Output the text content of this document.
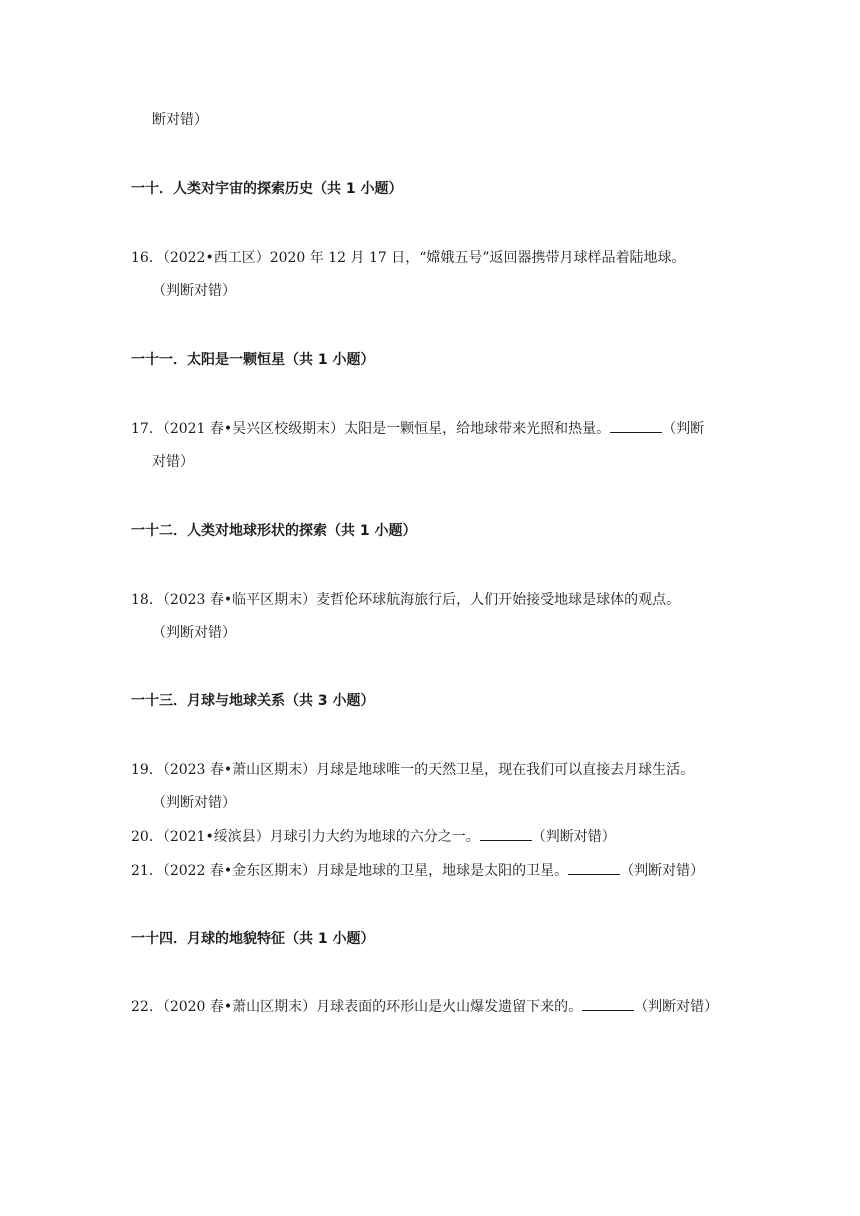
断对错）
一十．人类对宇宙的探索历史（共 1 小题）
16．（2022•西工区）2020 年 12 月 17 日，“嫦娥五号”返回器携带月球样品着陆地球。
（判断对错）
一十一．太阳是一颗恒星（共 1 小题）
17．（2021 春•吴兴区校级期末）太阳是一颗恒星，给地球带来光照和热量。	（判断
对错）
一十二．人类对地球形状的探索（共 1 小题）
18．（2023 春•临平区期末）麦哲伦环球航海旅行后，人们开始接受地球是球体的观点。
（判断对错）
一十三．月球与地球关系（共 3 小题）
19．（2023 春•萧山区期末）月球是地球唯一的天然卫星，现在我们可以直接去月球生活。
（判断对错）
20．（2021•绥滨县）月球引力大约为地球的六分之一。	（判断对错）
21．（2022 春•金东区期末）月球是地球的卫星，地球是太阳的卫星。	（判断对错）
一十四．月球的地貌特征（共 1 小题）
22．（2020 春•萧山区期末）月球表面的环形山是火山爆发遗留下来的。	（判断对错）
